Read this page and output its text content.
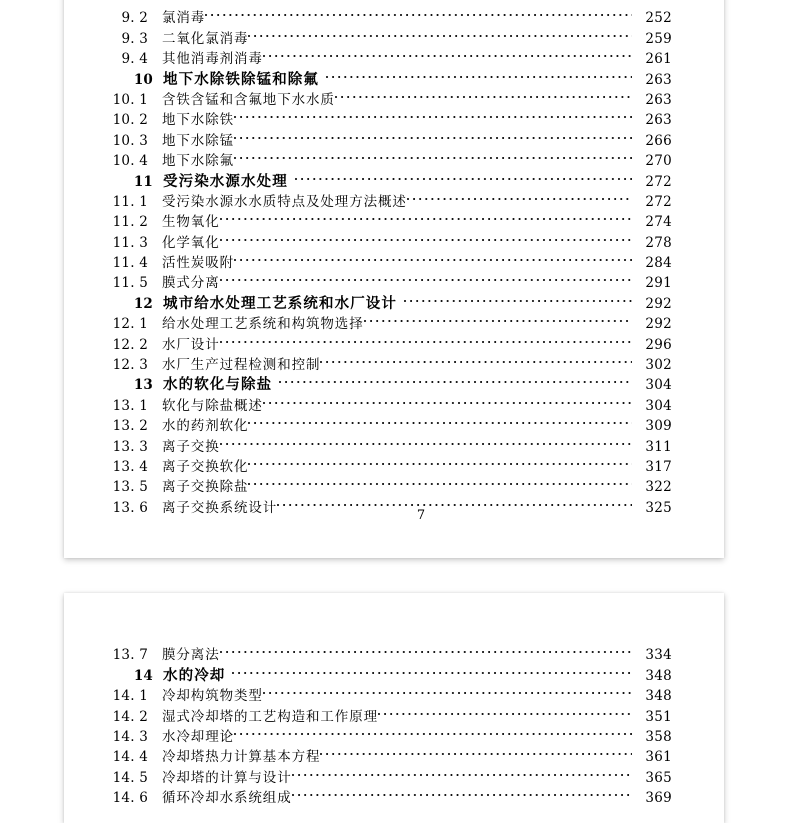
9. 2 氯消毒	252
9. 3 二氧化氯消毒	259
9. 4 其他消毒剂消毒	261
10 地下水除铁除锰和除氟	263
10. 1 含铁含锰和含氟地下水水质	263
10. 2 地下水除铁	263
10. 3 地下水除锰	266
10. 4 地下水除氟	270
11 受污染水源水处理	272
11. 1 受污染水源水水质特点及处理方法概述	272
11. 2 生物氧化	274
11. 3 化学氧化	278
11. 4 活性炭吸附	284
11. 5 膜式分离	291
12 城市给水处理工艺系统和水厂设计	292
12. 1 给水处理工艺系统和构筑物选择	292
12. 2 水厂设计	296
12. 3 水厂生产过程检测和控制	302
13 水的软化与除盐	304
13. 1 软化与除盐概述	304
13. 2 水的药剂软化	309
13. 3 离子交换	311
13. 4 离子交换软化	317
13. 5 离子交换除盐	322
13. 6 离子交换系统设计	325
7
13. 7 膜分离法	334
14 水的冷却	348
14. 1 冷却构筑物类型	348
14. 2 湿式冷却塔的工艺构造和工作原理	351
14. 3 水冷却理论	358
14. 4 冷却塔热力计算基本方程	361
14. 5 冷却塔的计算与设计	365
14. 6 循环冷却水系统组成	369
